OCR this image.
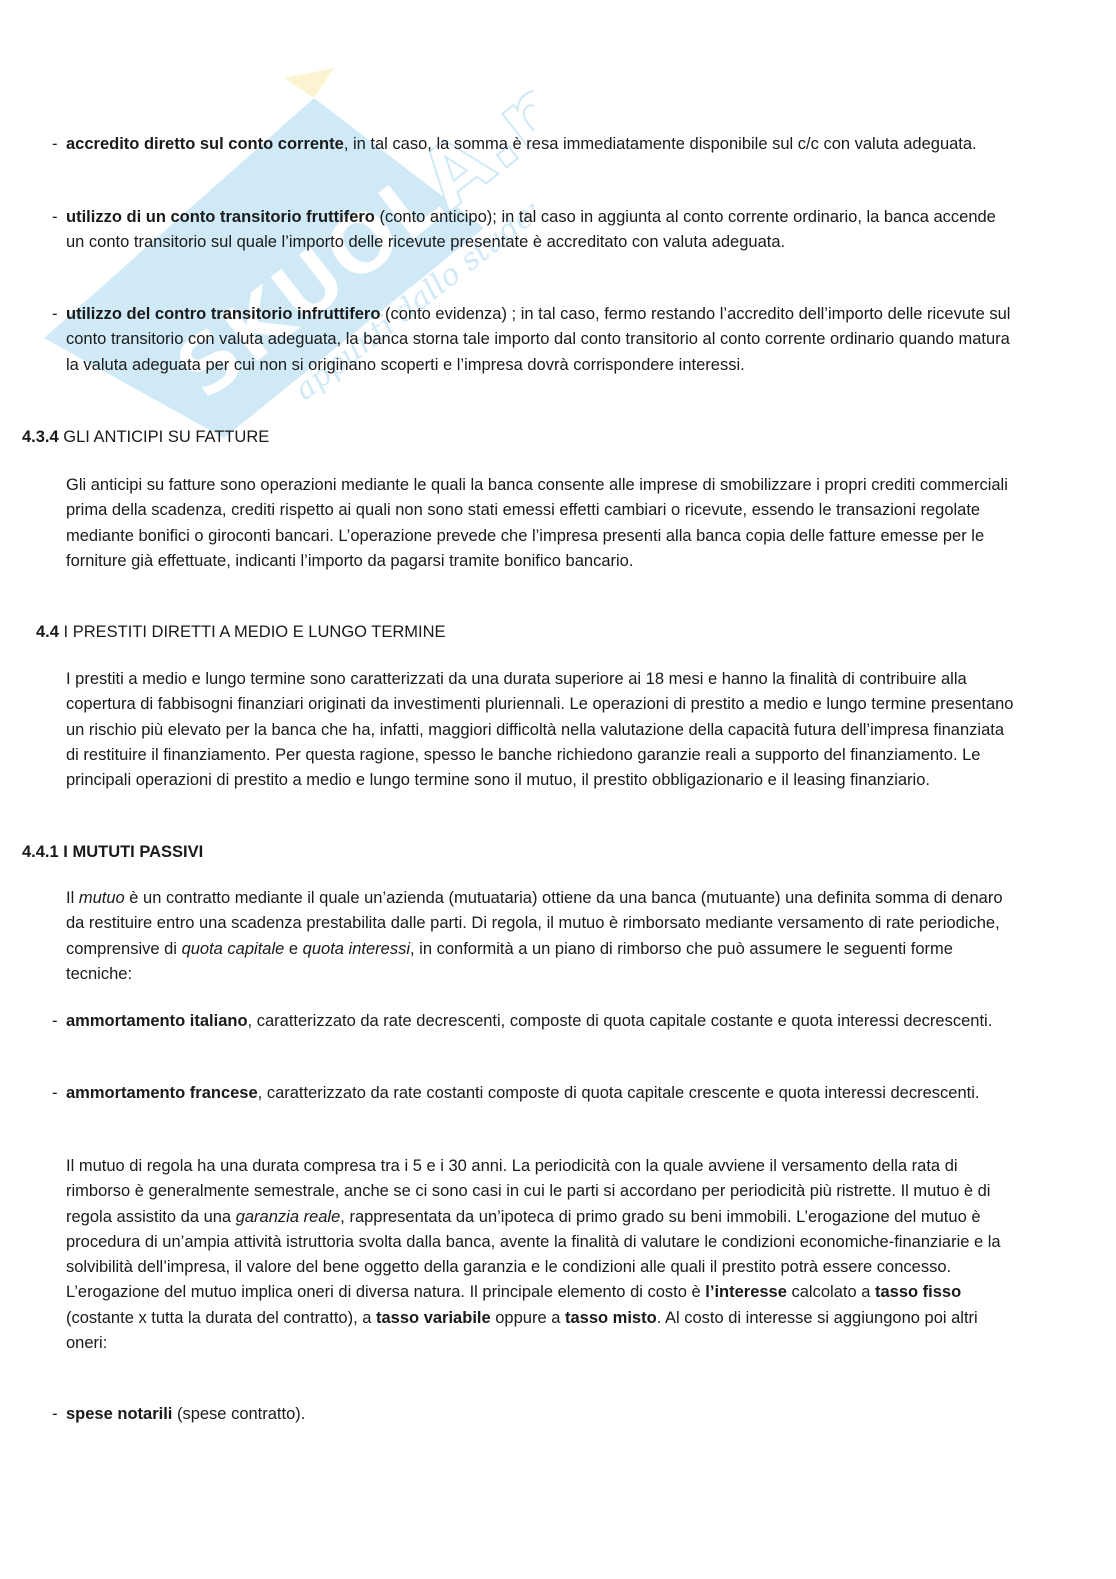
SKUOLA.net
appunti dallo studente
- accredito diretto sul conto corrente, in tal caso, la somma è resa immediatamente disponibile sul c/c con valuta adeguata.
- utilizzo di un conto transitorio fruttifero (conto anticipo); in tal caso in aggiunta al conto corrente ordinario, la banca accende un conto transitorio sul quale l’importo delle ricevute presentate è accreditato con valuta adeguata.
- utilizzo del contro transitorio infruttifero (conto evidenza) ; in tal caso, fermo restando l’accredito dell’importo delle ricevute sul conto transitorio con valuta adeguata, la banca storna tale importo dal conto transitorio al conto corrente ordinario quando matura la valuta adeguata per cui non si originano scoperti e l’impresa dovrà corrispondere interessi.
4.3.4 GLI ANTICIPI SU FATTURE
Gli anticipi su fatture sono operazioni mediante le quali la banca consente alle imprese di smobilizzare i propri crediti commerciali prima della scadenza, crediti rispetto ai quali non sono stati emessi effetti cambiari o ricevute, essendo le transazioni regolate mediante bonifici o giroconti bancari. L’operazione prevede che l’impresa presenti alla banca copia delle fatture emesse per le forniture già effettuate, indicanti l’importo da pagarsi tramite bonifico bancario.
4.4 I PRESTITI DIRETTI A MEDIO E LUNGO TERMINE
I prestiti a medio e lungo termine sono caratterizzati da una durata superiore ai 18 mesi e hanno la finalità di contribuire alla copertura di fabbisogni finanziari originati da investimenti pluriennali. Le operazioni di prestito a medio e lungo termine presentano un rischio più elevato per la banca che ha, infatti, maggiori difficoltà nella valutazione della capacità futura dell’impresa finanziata di restituire il finanziamento. Per questa ragione, spesso le banche richiedono garanzie reali a supporto del finanziamento. Le principali operazioni di prestito a medio e lungo termine sono il mutuo, il prestito obbligazionario e il leasing finanziario.
4.4.1 I MUTUTI PASSIVI
Il mutuo è un contratto mediante il quale un’azienda (mutuataria) ottiene da una banca (mutuante) una definita somma di denaro da restituire entro una scadenza prestabilita dalle parti. Di regola, il mutuo è rimborsato mediante versamento di rate periodiche, comprensive di quota capitale e quota interessi, in conformità a un piano di rimborso che può assumere le seguenti forme tecniche:
- ammortamento italiano, caratterizzato da rate decrescenti, composte di quota capitale costante e quota interessi decrescenti.
- ammortamento francese, caratterizzato da rate costanti composte di quota capitale crescente e quota interessi decrescenti.
Il mutuo di regola ha una durata compresa tra i 5 e i 30 anni. La periodicità con la quale avviene il versamento della rata di rimborso è generalmente semestrale, anche se ci sono casi in cui le parti si accordano per periodicità più ristrette. Il mutuo è di regola assistito da una garanzia reale, rappresentata da un’ipoteca di primo grado su beni immobili. L’erogazione del mutuo è procedura di un’ampia attività istruttoria svolta dalla banca, avente la finalità di valutare le condizioni economiche-finanziarie e la solvibilità dell’impresa, il valore del bene oggetto della garanzia e le condizioni alle quali il prestito potrà essere concesso. L’erogazione del mutuo implica oneri di diversa natura. Il principale elemento di costo è l’interesse calcolato a tasso fisso (costante x tutta la durata del contratto), a tasso variabile oppure a tasso misto. Al costo di interesse si aggiungono poi altri oneri:
- spese notarili (spese contratto).
